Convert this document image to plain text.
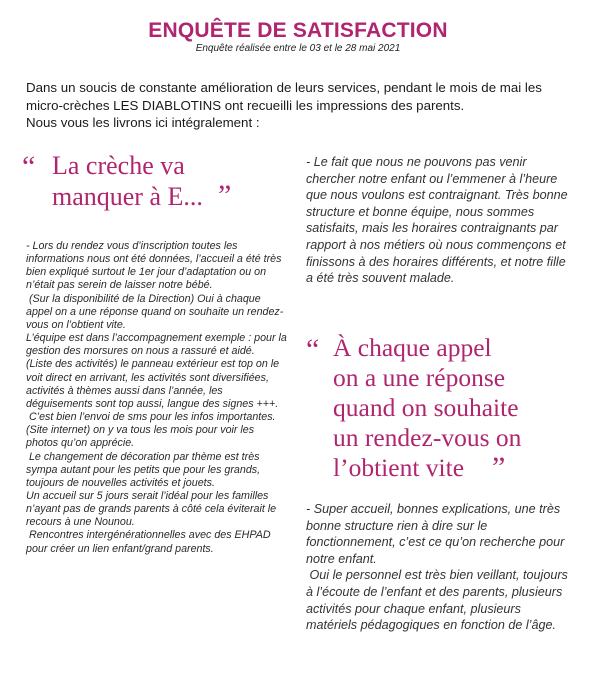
ENQUÊTE DE SATISFACTION
Enquête réalisée entre le 03 et le 28 mai 2021
Dans un soucis de constante amélioration de leurs services, pendant le mois de mai les micro-crèches LES DIABLOTINS ont recueilli les impressions des parents.
Nous vous les livrons ici intégralement :
“ La crèche va
manquer à E... ”
- Lors du rendez vous d’inscription toutes les informations nous ont été données, l’accueil a été très bien expliqué surtout le 1er jour d’adaptation ou on n’était pas serein de laisser notre bébé.
(Sur la disponibilité de la Direction) Oui à chaque appel on a une réponse quand on souhaite un rendez-vous on l’obtient vite.
L’équipe est dans l’accompagnement exemple : pour la gestion des morsures on nous a rassuré et aidé.
(Liste des activités) le panneau extérieur est top on le voit direct en arrivant, les activités sont diversifiées, activités à thèmes aussi dans l’année, les déguisements sont top aussi, langue des signes +++.
C’est bien l’envoi de sms pour les infos importantes.
(Site internet) on y va tous les mois pour voir les photos qu’on apprécie.
Le changement de décoration par thème est très sympa autant pour les petits que pour les grands, toujours de nouvelles activités et jouets.
Un accueil sur 5 jours serait l’idéal pour les familles n’ayant pas de grands parents à côté cela éviterait le recours à une Nounou.
Rencontres intergénérationnelles avec des EHPAD pour créer un lien enfant/grand parents.
- Le fait que nous ne pouvons pas venir chercher notre enfant ou l’emmener à l’heure que nous voulons est contraignant. Très bonne structure et bonne équipe, nous sommes satisfaits, mais les horaires contraignants par rapport à nos métiers où nous commençons et finissons à des horaires différents, et notre fille a été très souvent malade.
“ À chaque appel
on a une réponse
quand on souhaite
un rendez-vous on
l’obtient vite ”
- Super accueil, bonnes explications, une très bonne structure rien à dire sur le fonctionnement, c’est ce qu’on recherche pour notre enfant.
Oui le personnel est très bien veillant, toujours à l’écoute de l’enfant et des parents, plusieurs activités pour chaque enfant, plusieurs matériels pédagogiques en fonction de l’âge.
